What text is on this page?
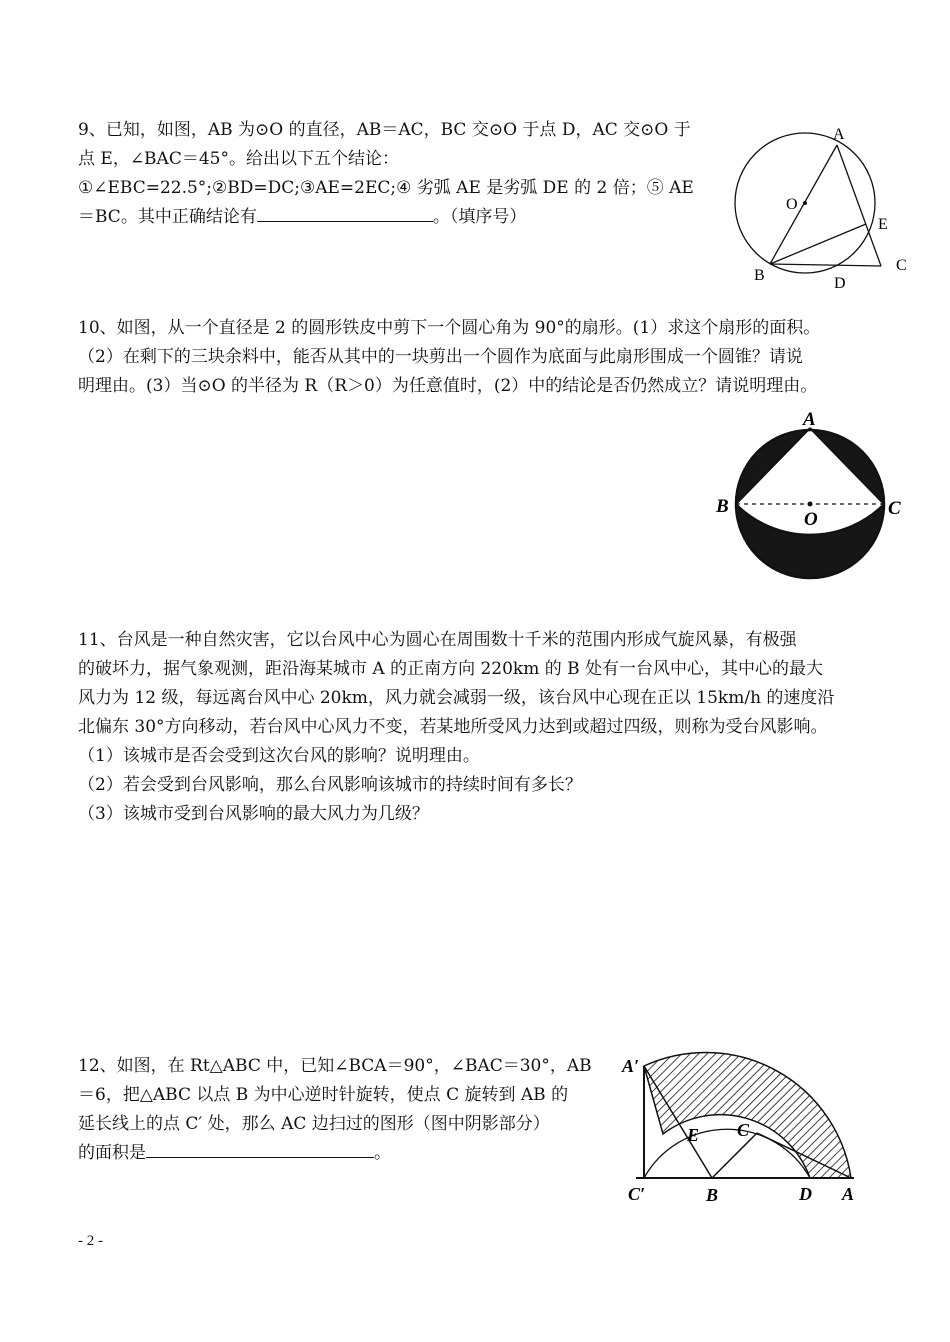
9、已知，如图，AB 为⊙O 的直径，AB＝AC，BC 交⊙O 于点 D，AC 交⊙O 于

点 E，∠BAC＝45°。给出以下五个结论：

①∠EBC=22.5°;②BD=DC;③AE=2EC;④ 劣弧 AE 是劣弧 DE 的 2 倍；⑤ AE

＝BC。其中正确结论有	。（填序号）

A
O
E
B	D
C

10、如图，从一个直径是 2 的圆形铁皮中剪下一个圆心角为 90°的扇形。(1）求这个扇形的面积。

（2）在剩下的三块余料中，能否从其中的一块剪出一个圆作为底面与此扇形围成一个圆锥？请说

明理由。(3）当⊙O 的半径为 R（R＞0）为任意值时，(2）中的结论是否仍然成立？请说明理由。

A
B
O
C

11、台风是一种自然灾害，它以台风中心为圆心在周围数十千米的范围内形成气旋风暴，有极强

的破坏力，据气象观测，距沿海某城市 A 的正南方向 220km 的 B 处有一台风中心，其中心的最大

风力为 12 级，每远离台风中心 20km，风力就会减弱一级，该台风中心现在正以 15km/h 的速度沿

北偏东 30°方向移动，若台风中心风力不变，若某地所受风力达到或超过四级，则称为受台风影响。

（1）该城市是否会受到这次台风的影响？说明理由。

（2）若会受到台风影响，那么台风影响该城市的持续时间有多长？

（3）该城市受到台风影响的最大风力为几级？

12、如图，在 Rt△ABC 中，已知∠BCA＝90°，∠BAC＝30°，AB

＝6，把△ABC 以点 B 为中心逆时针旋转，使点 C 旋转到 AB 的

延长线上的点 C′ 处，那么 AC 边扫过的图形（图中阴影部分）

的面积是	。

A′
E C
C′	B	D A
- 2 -
